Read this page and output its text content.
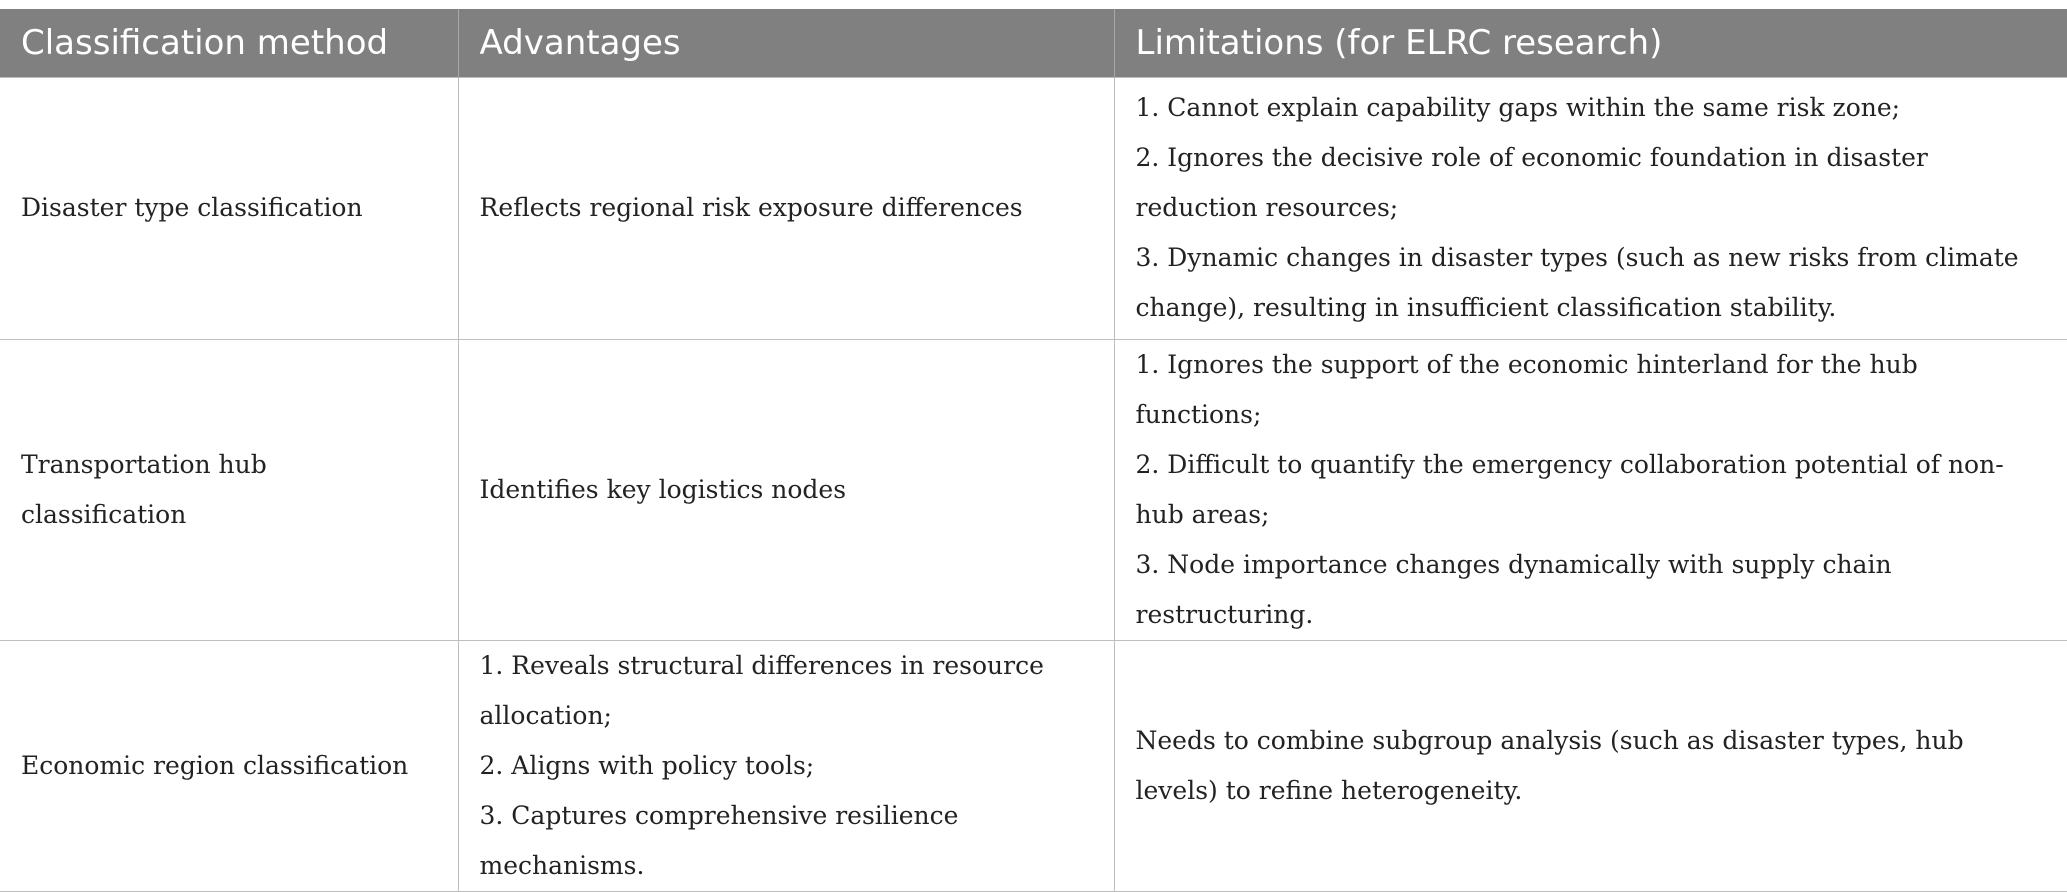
Classification method	Advantages	Limitations (for ELRC research)
Disaster type classification	Reflects regional risk exposure differences	1. Cannot explain capability gaps within the same risk zone;
2. Ignores the decisive role of economic foundation in disaster reduction resources;
3. Dynamic changes in disaster types (such as new risks from climate change), resulting in insufficient classification stability.

Transportation hub classification	Identifies key logistics nodes	1. Ignores the support of the economic hinterland for the hub functions;
2. Difficult to quantify the emergency collaboration potential of non-hub areas;
3. Node importance changes dynamically with supply chain restructuring.

Economic region classification	1. Reveals structural differences in resource allocation;
2. Aligns with policy tools;
3. Captures comprehensive resilience mechanisms.	Needs to combine subgroup analysis (such as disaster types, hub levels) to refine heterogeneity.
